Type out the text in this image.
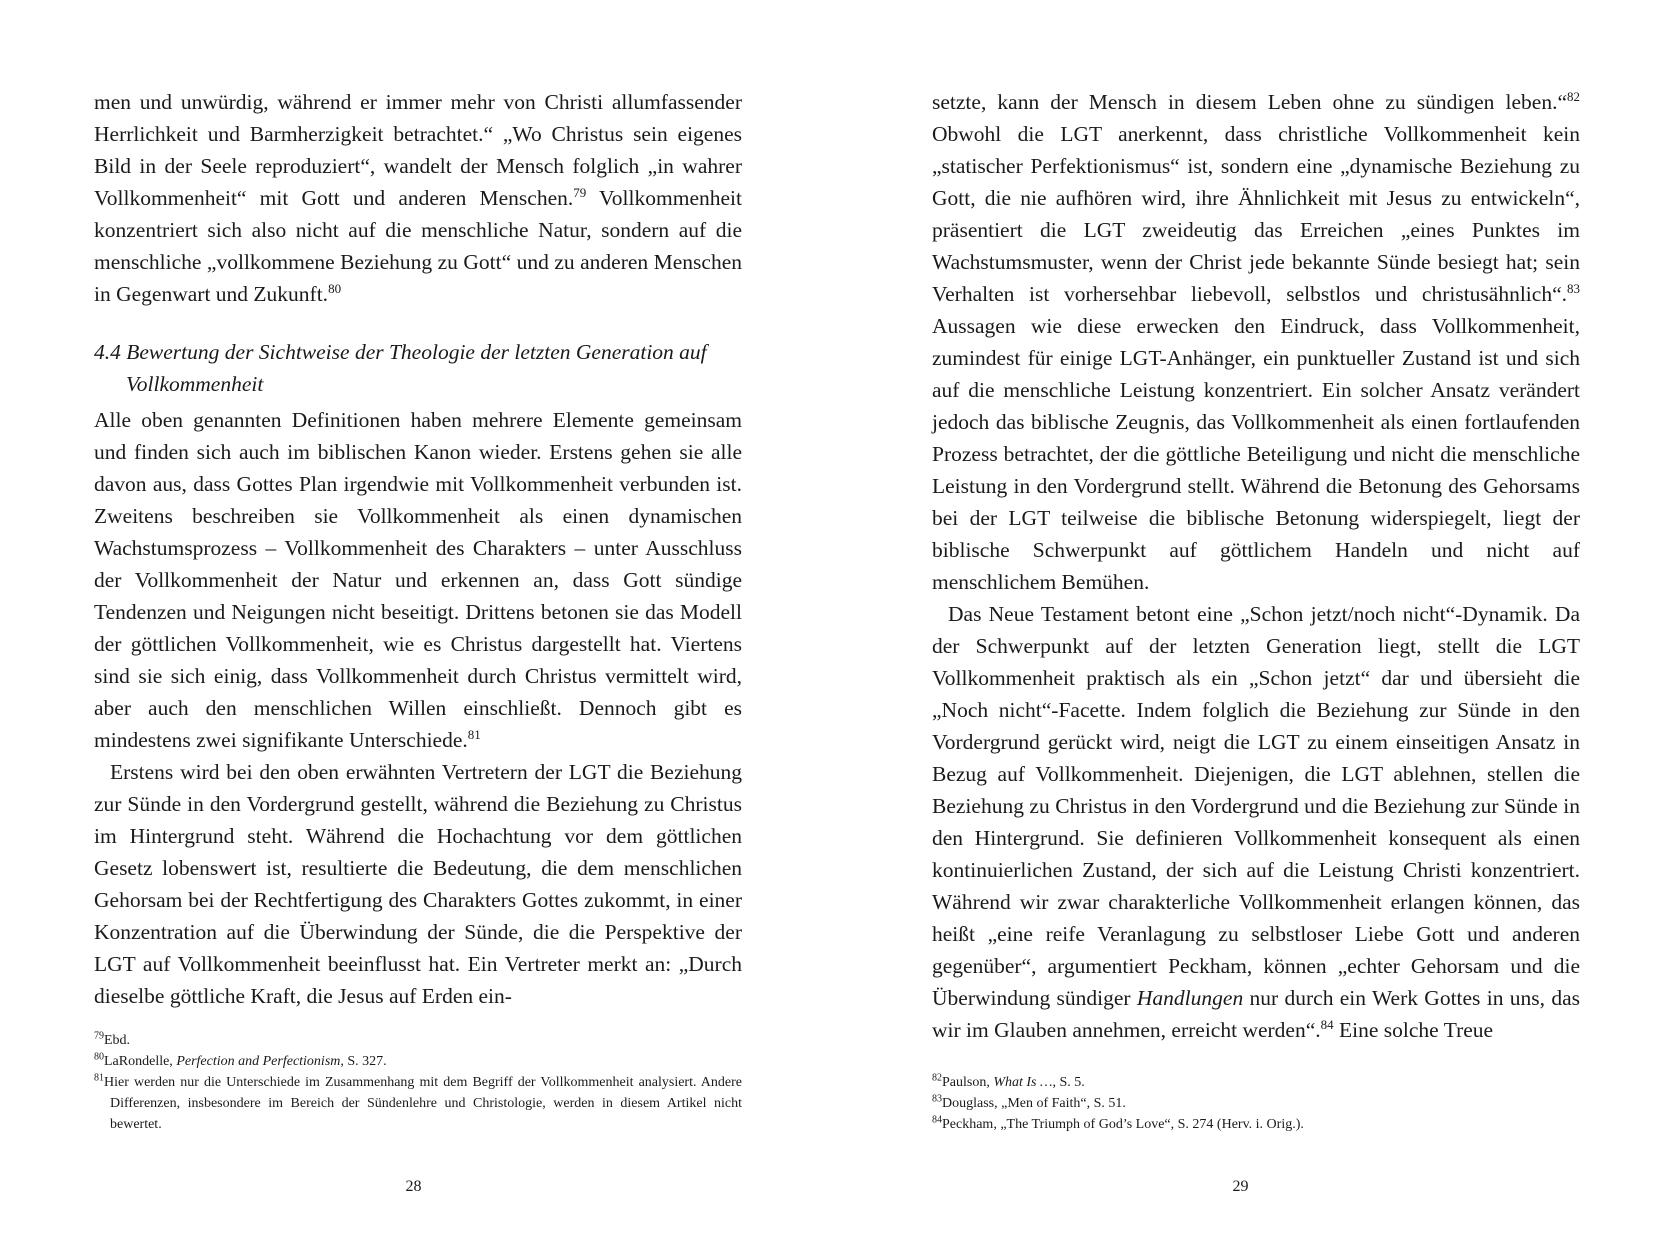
men und unwürdig, während er immer mehr von Christi allumfassender Herrlichkeit und Barmherzigkeit betrachtet.“ „Wo Christus sein eigenes Bild in der Seele reproduziert“, wandelt der Mensch folglich „in wahrer Vollkommenheit“ mit Gott und anderen Menschen.$^{79}$ Vollkommenheit konzentriert sich also nicht auf die menschliche Natur, sondern auf die menschliche „vollkommene Beziehung zu Gott“ und zu anderen Menschen in Gegenwart und Zukunft.$^{80}$

4.4 Bewertung der Sichtweise der Theologie der letzten Generation auf Vollkommenheit

Alle oben genannten Definitionen haben mehrere Elemente gemeinsam und finden sich auch im biblischen Kanon wieder. Erstens gehen sie alle davon aus, dass Gottes Plan irgendwie mit Vollkommenheit verbunden ist. Zweitens beschreiben sie Vollkommenheit als einen dynamischen Wachstumsprozess – Vollkommenheit des Charakters – unter Ausschluss der Vollkommenheit der Natur und erkennen an, dass Gott sündige Tendenzen und Neigungen nicht beseitigt. Drittens betonen sie das Modell der göttlichen Vollkommenheit, wie es Christus dargestellt hat. Viertens sind sie sich einig, dass Vollkommenheit durch Christus vermittelt wird, aber auch den menschlichen Willen einschließt. Dennoch gibt es mindestens zwei signifikante Unterschiede.$^{81}$

Erstens wird bei den oben erwähnten Vertretern der LGT die Beziehung zur Sünde in den Vordergrund gestellt, während die Beziehung zu Christus im Hintergrund steht. Während die Hochachtung vor dem göttlichen Gesetz lobenswert ist, resultierte die Bedeutung, die dem menschlichen Gehorsam bei der Rechtfertigung des Charakters Gottes zukommt, in einer Konzentration auf die Überwindung der Sünde, die die Perspektive der LGT auf Vollkommenheit beeinflusst hat. Ein Vertreter merkt an: „Durch dieselbe göttliche Kraft, die Jesus auf Erden ein-

$^{79}$Ebd.

$^{80}$LaRondelle, Perfection and Perfectionism, S. 327.

$^{81}$Hier werden nur die Unterschiede im Zusammenhang mit dem Begriff der Vollkommenheit analysiert. Andere Differenzen, insbesondere im Bereich der Sündenlehre und Christologie, werden in diesem Artikel nicht bewertet.

28

setzte, kann der Mensch in diesem Leben ohne zu sündigen leben.“$^{82}$ Obwohl die LGT anerkennt, dass christliche Vollkommenheit kein „statischer Perfektionismus“ ist, sondern eine „dynamische Beziehung zu Gott, die nie aufhören wird, ihre Ähnlichkeit mit Jesus zu entwickeln“, präsentiert die LGT zweideutig das Erreichen „eines Punktes im Wachstumsmuster, wenn der Christ jede bekannte Sünde besiegt hat; sein Verhalten ist vorhersehbar liebevoll, selbstlos und christusähnlich“.$^{83}$ Aussagen wie diese erwecken den Eindruck, dass Vollkommenheit, zumindest für einige LGT-Anhänger, ein punktueller Zustand ist und sich auf die menschliche Leistung konzentriert. Ein solcher Ansatz verändert jedoch das biblische Zeugnis, das Vollkommenheit als einen fortlaufenden Prozess betrachtet, der die göttliche Beteiligung und nicht die menschliche Leistung in den Vordergrund stellt. Während die Betonung des Gehorsams bei der LGT teilweise die biblische Betonung widerspiegelt, liegt der biblische Schwerpunkt auf göttlichem Handeln und nicht auf menschlichem Bemühen.

Das Neue Testament betont eine „Schon jetzt/noch nicht“-Dynamik. Da der Schwerpunkt auf der letzten Generation liegt, stellt die LGT Vollkommenheit praktisch als ein „Schon jetzt“ dar und übersieht die „Noch nicht“-Facette. Indem folglich die Beziehung zur Sünde in den Vordergrund gerückt wird, neigt die LGT zu einem einseitigen Ansatz in Bezug auf Vollkommenheit. Diejenigen, die LGT ablehnen, stellen die Beziehung zu Christus in den Vordergrund und die Beziehung zur Sünde in den Hintergrund. Sie definieren Vollkommenheit konsequent als einen kontinuierlichen Zustand, der sich auf die Leistung Christi konzentriert. Während wir zwar charakterliche Vollkommenheit erlangen können, das heißt „eine reife Veranlagung zu selbstloser Liebe Gott und anderen gegenüber“, argumentiert Peckham, können „echter Gehorsam und die Überwindung sündiger Handlungen nur durch ein Werk Gottes in uns, das wir im Glauben annehmen, erreicht werden“.$^{84}$ Eine solche Treue

$^{82}$Paulson, What Is …, S. 5.

$^{83}$Douglass, „Men of Faith“, S. 51.

$^{84}$Peckham, „The Triumph of God’s Love“, S. 274 (Herv. i. Orig.).

29
